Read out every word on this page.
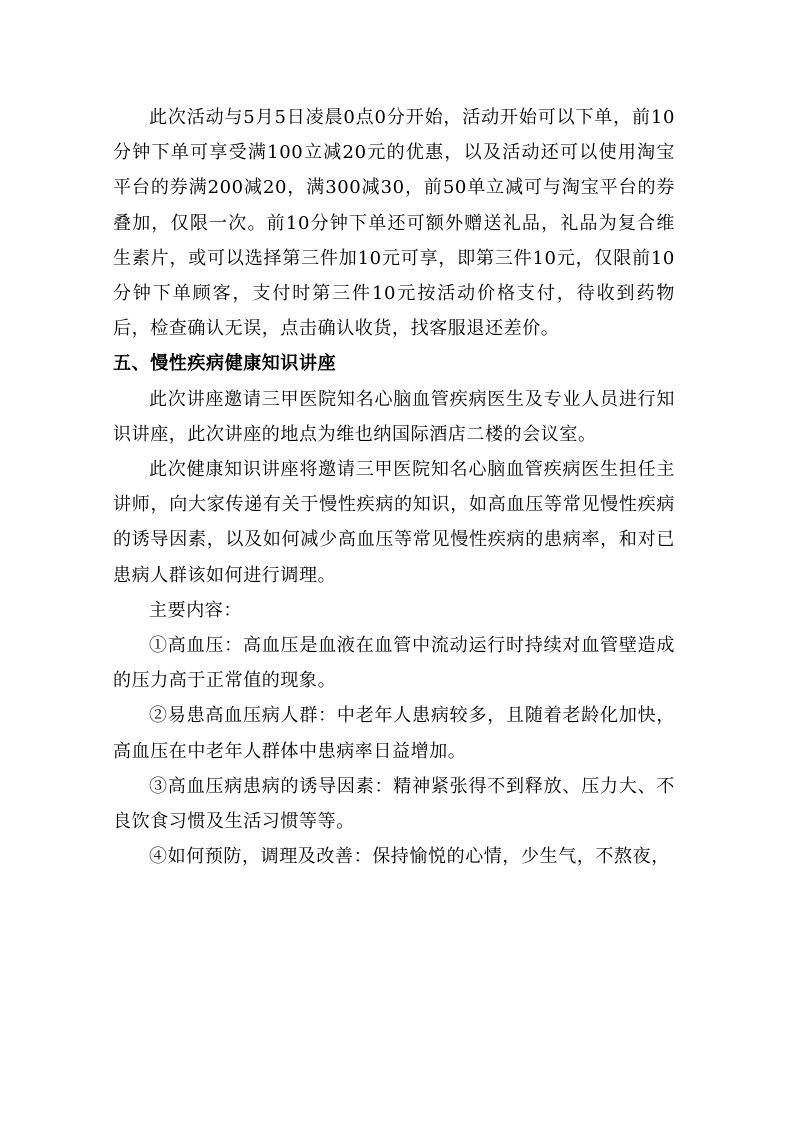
此次活动与5月5日凌晨0点0分开始，活动开始可以下单，前10分钟下单可享受满100立减20元的优惠，以及活动还可以使用淘宝平台的券满200减20，满300减30，前50单立减可与淘宝平台的券叠加，仅限一次。前10分钟下单还可额外赠送礼品，礼品为复合维生素片，或可以选择第三件加10元可享，即第三件10元，仅限前10分钟下单顾客，支付时第三件10元按活动价格支付，待收到药物后，检查确认无误，点击确认收货，找客服退还差价。

五、慢性疾病健康知识讲座

此次讲座邀请三甲医院知名心脑血管疾病医生及专业人员进行知识讲座，此次讲座的地点为维也纳国际酒店二楼的会议室。

此次健康知识讲座将邀请三甲医院知名心脑血管疾病医生担任主讲师，向大家传递有关于慢性疾病的知识，如高血压等常见慢性疾病的诱导因素，以及如何减少高血压等常见慢性疾病的患病率，和对已患病人群该如何进行调理。

主要内容：

①高血压：高血压是血液在血管中流动运行时持续对血管壁造成的压力高于正常值的现象。

②易患高血压病人群：中老年人患病较多，且随着老龄化加快，高血压在中老年人群体中患病率日益增加。

③高血压病患病的诱导因素：精神紧张得不到释放、压力大、不良饮食习惯及生活习惯等等。

④如何预防，调理及改善：保持愉悦的心情，少生气，不熬夜，
